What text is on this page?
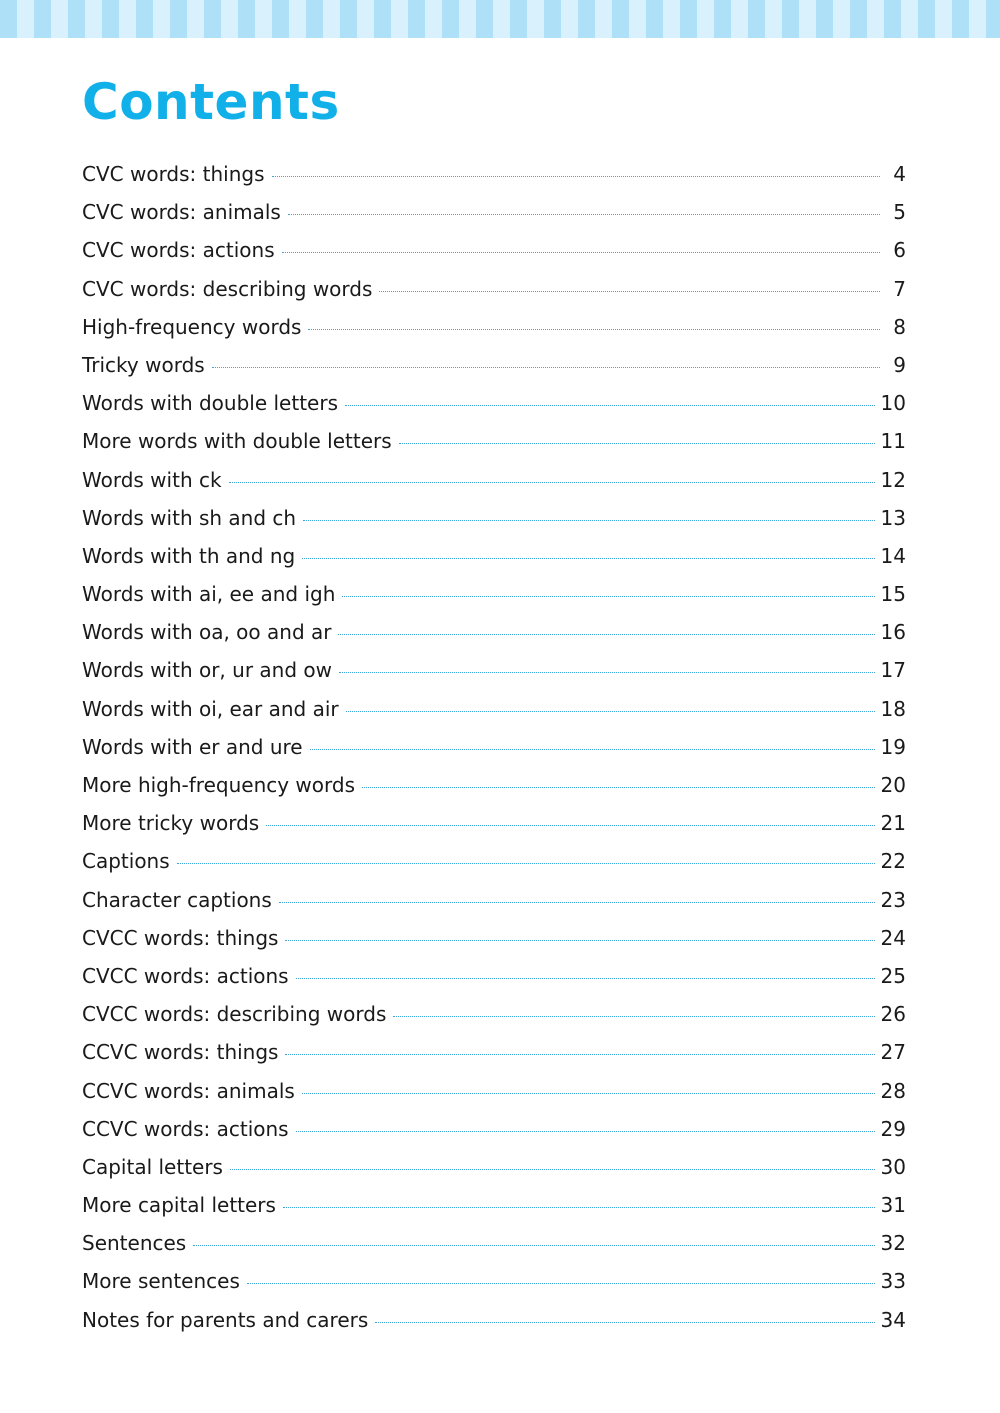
Contents
CVC words: things	4
CVC words: animals	5
CVC words: actions	6
CVC words: describing words	7
High-frequency words	8
Tricky words	9
Words with double letters	10
More words with double letters	11
Words with ck	12
Words with sh and ch	13
Words with th and ng	14
Words with ai, ee and igh	15
Words with oa, oo and ar	16
Words with or, ur and ow	17
Words with oi, ear and air	18
Words with er and ure	19
More high-frequency words	20
More tricky words	21
Captions	22
Character captions	23
CVCC words: things	24
CVCC words: actions	25
CVCC words: describing words	26
CCVC words: things	27
CCVC words: animals	28
CCVC words: actions	29
Capital letters	30
More capital letters	31
Sentences	32
More sentences	33
Notes for parents and carers	34
